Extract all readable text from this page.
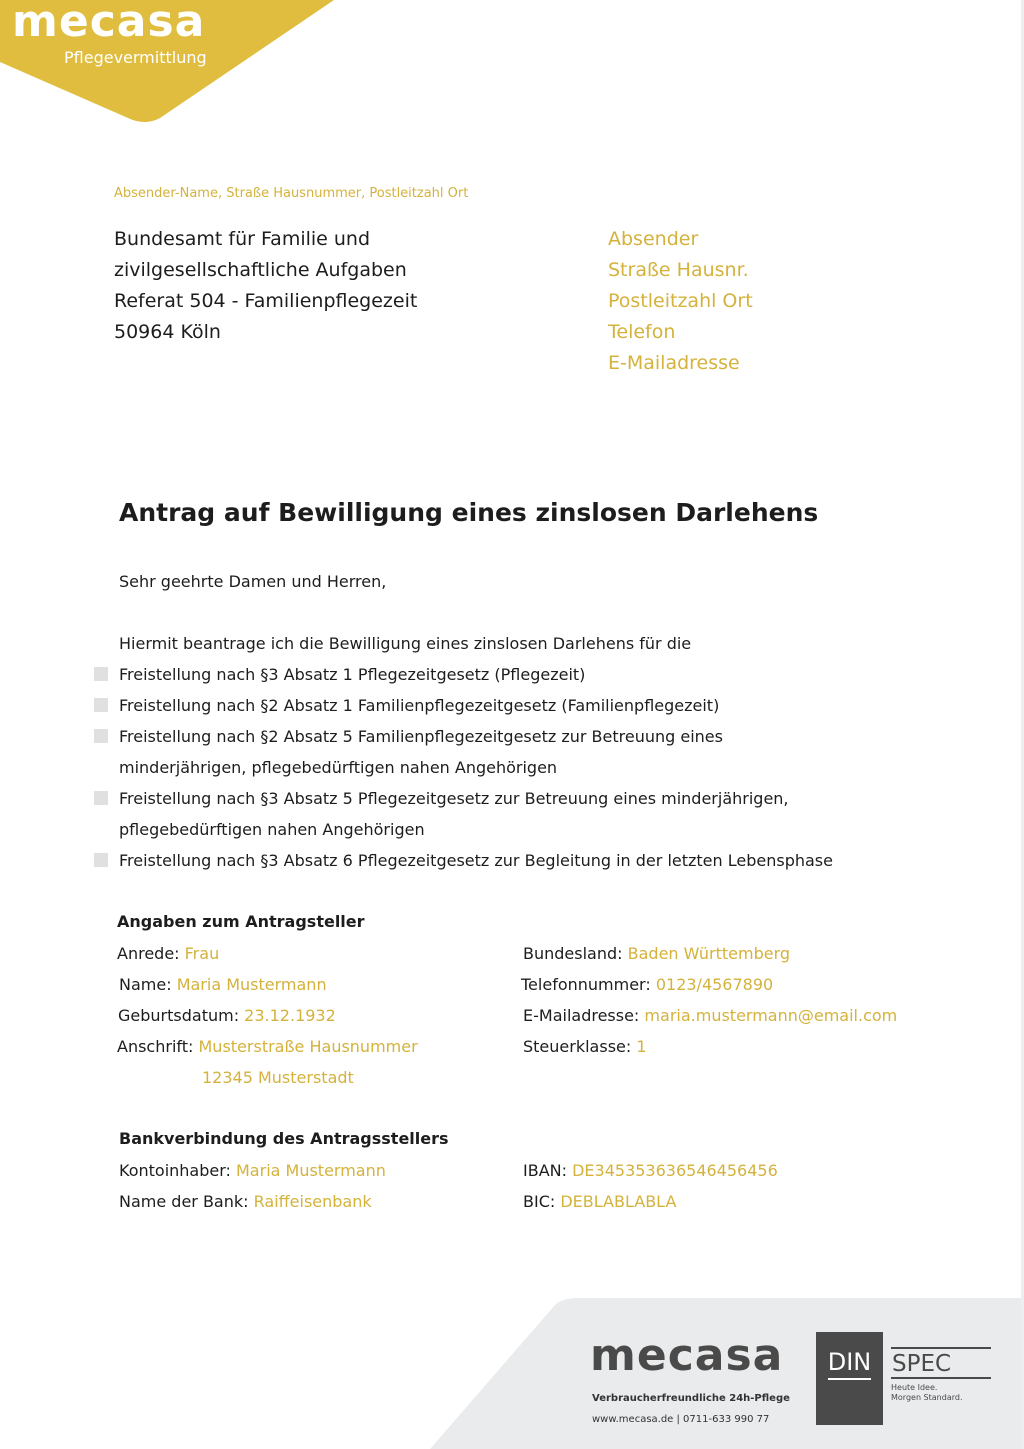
mecasa
Pflegevermittlung
Absender-Name, Straße Hausnummer, Postleitzahl Ort
Bundesamt für Familie und
zivilgesellschaftliche Aufgaben
Referat 504 - Familienpflegezeit
50964 Köln
Absender
Straße Hausnr.
Postleitzahl Ort
Telefon
E-Mailadresse
Antrag auf Bewilligung eines zinslosen Darlehens
Sehr geehrte Damen und Herren,
Hiermit beantrage ich die Bewilligung eines zinslosen Darlehens für die
Freistellung nach §3 Absatz 1 Pflegezeitgesetz (Pflegezeit)
Freistellung nach §2 Absatz 1 Familienpflegezeitgesetz (Familienpflegezeit)
Freistellung nach §2 Absatz 5 Familienpflegezeitgesetz zur Betreuung eines minderjährigen, pflegebedürftigen nahen Angehörigen
Freistellung nach §3 Absatz 5 Pflegezeitgesetz zur Betreuung eines minderjährigen, pflegebedürftigen nahen Angehörigen
Freistellung nach §3 Absatz 6 Pflegezeitgesetz zur Begleitung in der letzten Lebensphase
Angaben zum Antragsteller
Anrede: Frau
Name: Maria Mustermann
Geburtsdatum: 23.12.1932
Anschrift: Musterstraße Hausnummer
12345 Musterstadt
Bundesland: Baden Württemberg
Telefonnummer: 0123/4567890
E-Mailadresse: maria.mustermann@email.com
Steuerklasse: 1
Bankverbindung des Antragsstellers
Kontoinhaber: Maria Mustermann
Name der Bank: Raiffeisenbank
IBAN: DE345353636546456456
BIC: DEBLABLABLA
mecasa
Verbraucherfreundliche 24h-Pflege
www.mecasa.de | 0711-633 990 77
DIN SPEC
Heute Idee.
Morgen Standard.
